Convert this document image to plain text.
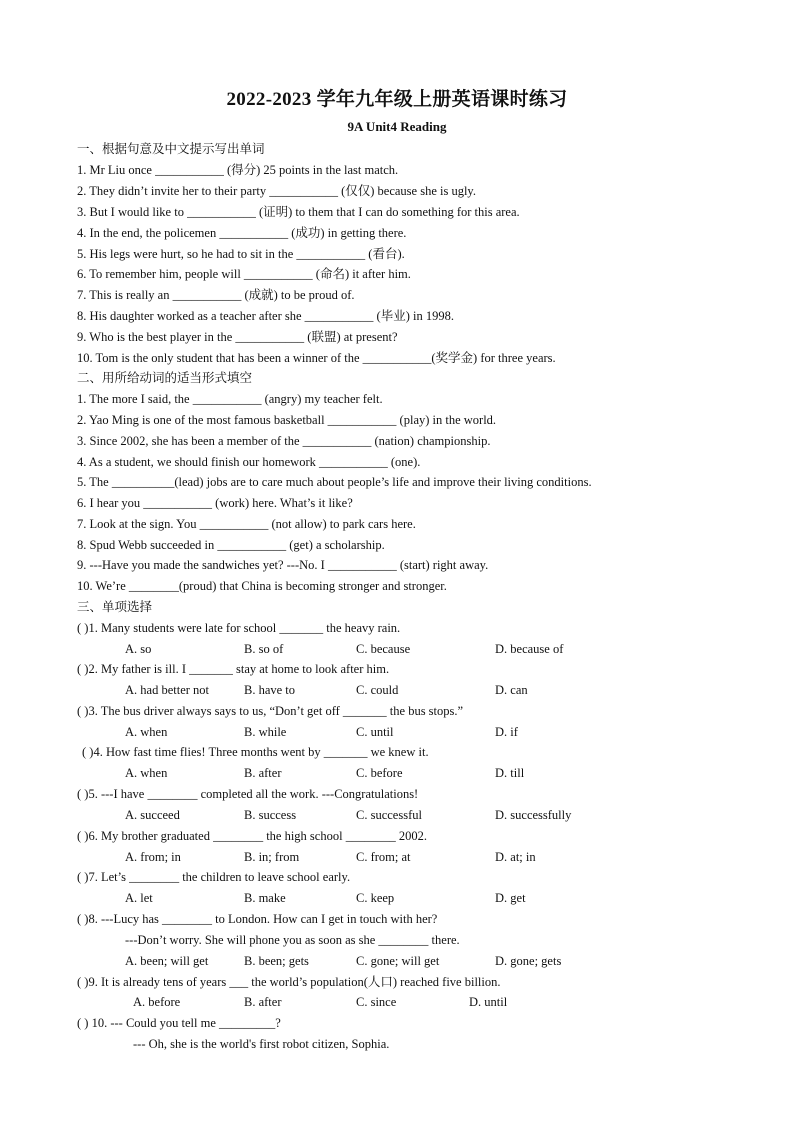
2022-2023 学年九年级上册英语课时练习
9A Unit4 Reading
一、根据句意及中文提示写出单词
1. Mr Liu once ___________ (得分) 25 points in the last match.
2. They didn’t invite her to their party ___________ (仅仅) because she is ugly.
3. But I would like to ___________ (证明) to them that I can do something for this area.
4. In the end, the policemen ___________ (成功) in getting there.
5. His legs were hurt, so he had to sit in the ___________ (看台).
6. To remember him, people will ___________ (命名) it after him.
7. This is really an ___________ (成就) to be proud of.
8. His daughter worked as a teacher after she ___________ (毕业) in 1998.
9. Who is the best player in the ___________ (联盟) at present?
10. Tom is the only student that has been a winner of the ___________(奖学金) for three years.
二、用所给动词的适当形式填空
1. The more I said, the ___________ (angry) my teacher felt.
2. Yao Ming is one of the most famous basketball ___________ (play) in the world.
3. Since 2002, she has been a member of the ___________ (nation) championship.
4. As a student, we should finish our homework ___________ (one).
5. The __________(lead) jobs are to care much about people’s life and improve their living conditions.
6. I hear you ___________ (work) here. What’s it like?
7. Look at the sign. You ___________ (not allow) to park cars here.
8. Spud Webb succeeded in ___________ (get) a scholarship.
9. ---Have you made the sandwiches yet? ---No. I ___________ (start) right away.
10. We’re ________(proud) that China is becoming stronger and stronger.
三、单项选择
( )1. Many students were late for school _______ the heavy rain.
A. so	B. so of	C. because	D. because of
( )2. My father is ill. I _______ stay at home to look after him.
A. had better not	B. have to	C. could	D. can
( )3. The bus driver always says to us, “Don’t get off _______ the bus stops.”
A. when	B. while	C. until	D. if
( )4. How fast time flies! Three months went by _______ we knew it.
A. when	B. after	C. before	D. till
( )5. ---I have ________ completed all the work. ---Congratulations!
A. succeed	B. success	C. successful	D. successfully
( )6. My brother graduated ________ the high school ________ 2002.
A. from; in	B. in; from	C. from; at	D. at; in
( )7. Let’s ________ the children to leave school early.
A. let	B. make	C. keep	D. get
( )8. ---Lucy has ________ to London. How can I get in touch with her?
---Don’t worry. She will phone you as soon as she ________ there.
A. been; will get	B. been; gets	C. gone; will get	D. gone; gets
( )9. It is already tens of years ___ the world’s population(人口) reached five billion.
A. before	B. after	C. since	D. until
( ) 10. --- Could you tell me _________?
--- Oh, she is the world's first robot citizen, Sophia.
